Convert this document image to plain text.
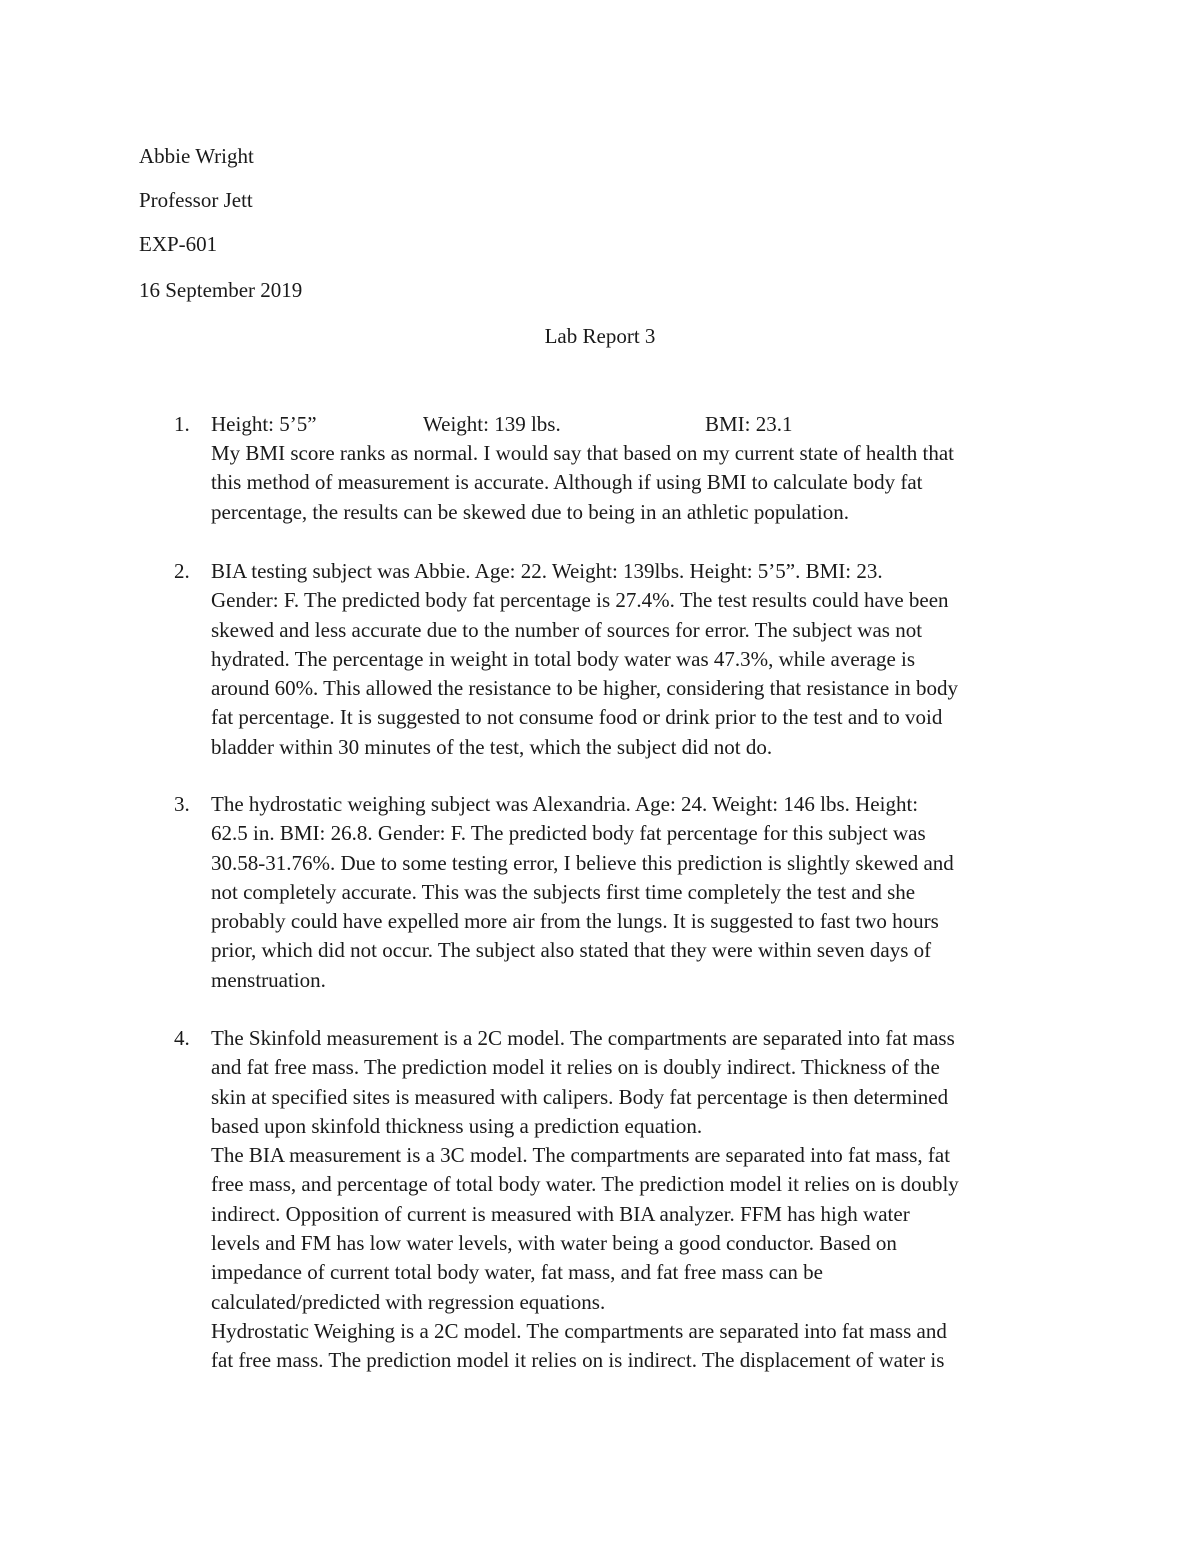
Abbie Wright
Professor Jett
EXP-601
16 September 2019
Lab Report 3
1. Height: 5’5”	Weight: 139 lbs.	BMI: 23.1
My BMI score ranks as normal. I would say that based on my current state of health that
this method of measurement is accurate. Although if using BMI to calculate body fat
percentage, the results can be skewed due to being in an athletic population.
2. BIA testing subject was Abbie. Age: 22. Weight: 139lbs. Height: 5’5”. BMI: 23.
Gender: F. The predicted body fat percentage is 27.4%. The test results could have been
skewed and less accurate due to the number of sources for error. The subject was not
hydrated. The percentage in weight in total body water was 47.3%, while average is
around 60%. This allowed the resistance to be higher, considering that resistance in body
fat percentage. It is suggested to not consume food or drink prior to the test and to void
bladder within 30 minutes of the test, which the subject did not do.
3. The hydrostatic weighing subject was Alexandria. Age: 24. Weight: 146 lbs. Height:
62.5 in. BMI: 26.8. Gender: F. The predicted body fat percentage for this subject was
30.58-31.76%. Due to some testing error, I believe this prediction is slightly skewed and
not completely accurate. This was the subjects first time completely the test and she
probably could have expelled more air from the lungs. It is suggested to fast two hours
prior, which did not occur. The subject also stated that they were within seven days of
menstruation.
4. The Skinfold measurement is a 2C model. The compartments are separated into fat mass
and fat free mass. The prediction model it relies on is doubly indirect. Thickness of the
skin at specified sites is measured with calipers. Body fat percentage is then determined
based upon skinfold thickness using a prediction equation.
The BIA measurement is a 3C model. The compartments are separated into fat mass, fat
free mass, and percentage of total body water. The prediction model it relies on is doubly
indirect. Opposition of current is measured with BIA analyzer. FFM has high water
levels and FM has low water levels, with water being a good conductor. Based on
impedance of current total body water, fat mass, and fat free mass can be
calculated/predicted with regression equations.
Hydrostatic Weighing is a 2C model. The compartments are separated into fat mass and
fat free mass. The prediction model it relies on is indirect. The displacement of water is
